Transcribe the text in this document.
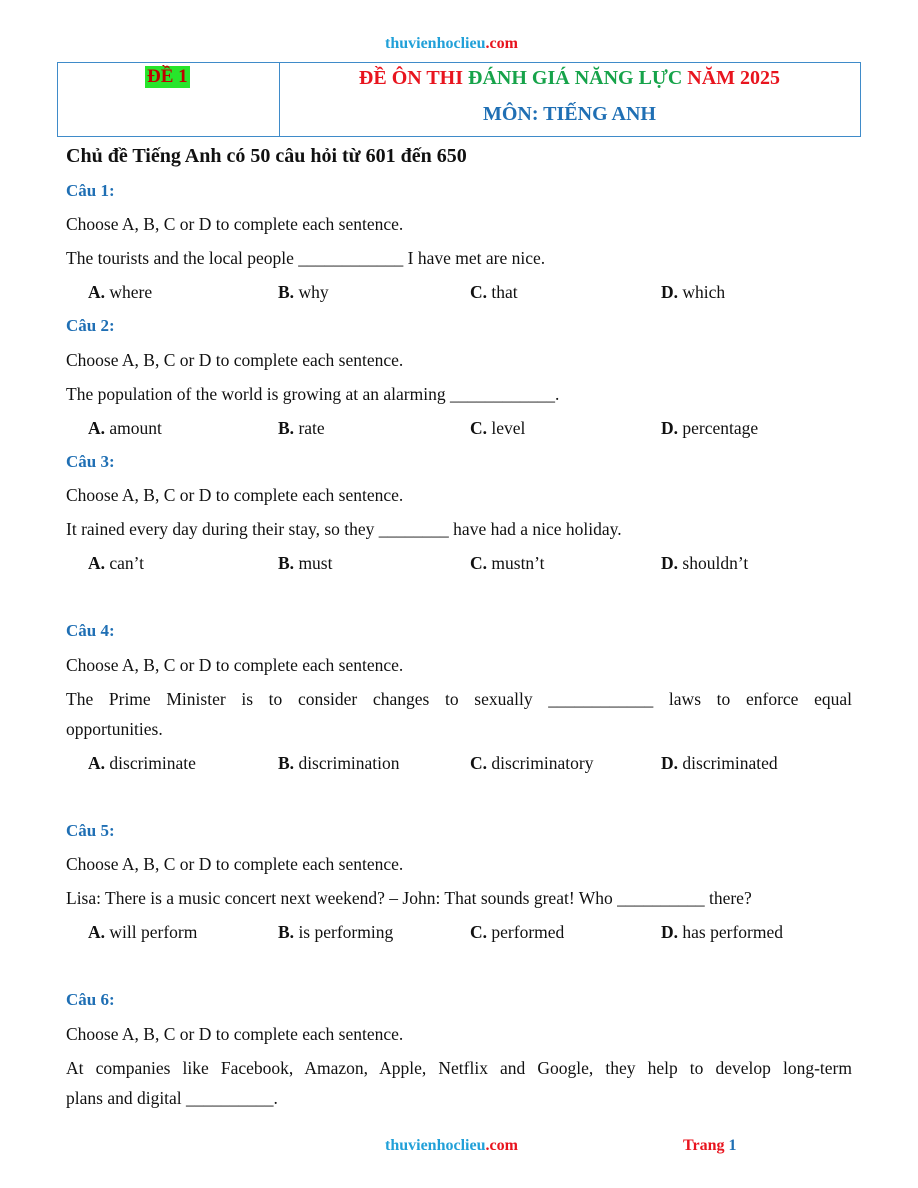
thuvienhoclieu.com
ĐỀ 1	ĐỀ ÔN THI ĐÁNH GIÁ NĂNG LỰC NĂM 2025
MÔN: TIẾNG ANH
Chủ đề Tiếng Anh có 50 câu hỏi từ 601 đến 650
Câu 1:
Choose A, B, C or D to complete each sentence.
The tourists and the local people ____________ I have met are nice.
A. where	B. why	C. that	D. which
Câu 2:
Choose A, B, C or D to complete each sentence.
The population of the world is growing at an alarming ____________.
A. amount	B. rate	C. level	D. percentage
Câu 3:
Choose A, B, C or D to complete each sentence.
It rained every day during their stay, so they ________ have had a nice holiday.
A. can’t	B. must	C. mustn’t	D. shouldn’t
Câu 4:
Choose A, B, C or D to complete each sentence.
The Prime Minister is to consider changes to sexually ____________ laws to enforce equal
opportunities.
A. discriminate	B. discrimination	C. discriminatory	D. discriminated
Câu 5:
Choose A, B, C or D to complete each sentence.
Lisa: There is a music concert next weekend? – John: That sounds great! Who __________ there?
A. will perform	B. is performing	C. performed	D. has performed
Câu 6:
Choose A, B, C or D to complete each sentence.
At companies like Facebook, Amazon, Apple, Netflix and Google, they help to develop long-term
plans and digital __________.
thuvienhoclieu.com	Trang 1
